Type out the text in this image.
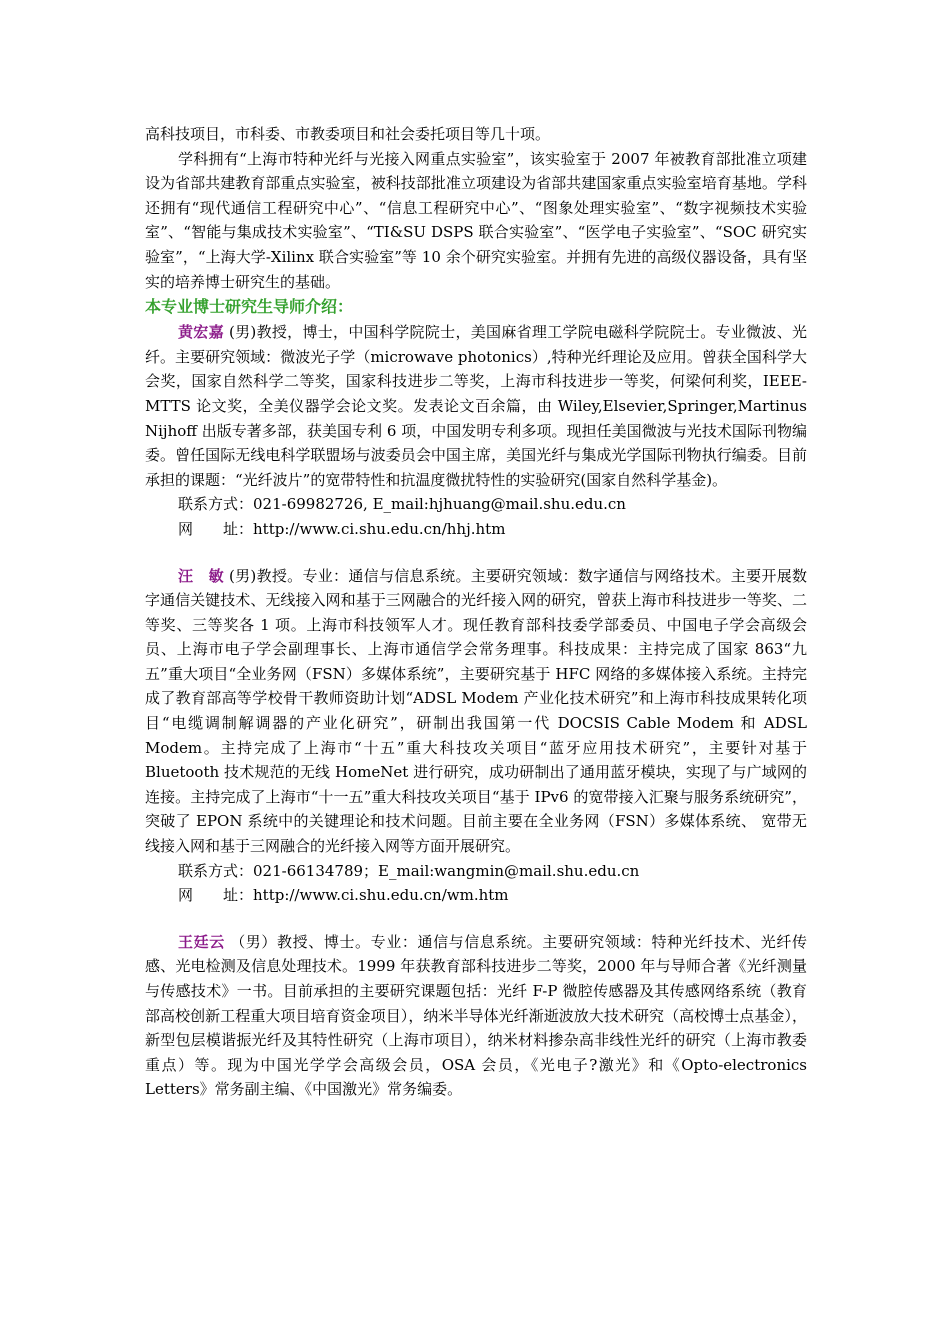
高科技项目，市科委、市教委项目和社会委托项目等几十项。

学科拥有“上海市特种光纤与光接入网重点实验室”，该实验室于 2007 年被教育部批准立项建设为省部共建教育部重点实验室，被科技部批准立项建设为省部共建国家重点实验室培育基地。学科还拥有“现代通信工程研究中心”、“信息工程研究中心”、“图象处理实验室”、“数字视频技术实验室”、“智能与集成技术实验室”、“TI&SU DSPS 联合实验室”、“医学电子实验室”、“SOC 研究实验室”，“上海大学-Xilinx 联合实验室”等 10 余个研究实验室。并拥有先进的高级仪器设备，具有坚实的培养博士研究生的基础。

本专业博士研究生导师介绍：

黄宏嘉 (男)教授，博士，中国科学院院士，美国麻省理工学院电磁科学院院士。专业微波、光纤。主要研究领域：微波光子学（microwave photonics）,特种光纤理论及应用。曾获全国科学大会奖，国家自然科学二等奖，国家科技进步二等奖，上海市科技进步一等奖，何梁何利奖，IEEE-MTTS 论文奖，全美仪器学会论文奖。发表论文百余篇，由 Wiley,Elsevier,Springer,Martinus Nijhoff 出版专著多部，获美国专利 6 项，中国发明专利多项。现担任美国微波与光技术国际刊物编委。曾任国际无线电科学联盟场与波委员会中国主席，美国光纤与集成光学国际刊物执行编委。目前承担的课题：“光纤波片”的宽带特性和抗温度微扰特性的实验研究(国家自然科学基金)。

联系方式：021-69982726, E_mail:hjhuang@mail.shu.edu.cn

网　　址：http://www.ci.shu.edu.cn/hhj.htm

汪　敏 (男)教授。专业：通信与信息系统。主要研究领域：数字通信与网络技术。主要开展数字通信关键技术、无线接入网和基于三网融合的光纤接入网的研究，曾获上海市科技进步一等奖、二等奖、三等奖各 1 项。上海市科技领军人才。现任教育部科技委学部委员、中国电子学会高级会员、上海市电子学会副理事长、上海市通信学会常务理事。科技成果：主持完成了国家 863“九五”重大项目“全业务网（FSN）多媒体系统”，主要研究基于 HFC 网络的多媒体接入系统。主持完成了教育部高等学校骨干教师资助计划“ADSL Modem 产业化技术研究”和上海市科技成果转化项目“电缆调制解调器的产业化研究”，研制出我国第一代 DOCSIS Cable Modem 和 ADSL Modem。主持完成了上海市“十五”重大科技攻关项目“蓝牙应用技术研究”，主要针对基于 Bluetooth 技术规范的无线 HomeNet 进行研究，成功研制出了通用蓝牙模块，实现了与广域网的连接。主持完成了上海市“十一五”重大科技攻关项目“基于 IPv6 的宽带接入汇聚与服务系统研究”， 突破了 EPON 系统中的关键理论和技术问题。目前主要在全业务网（FSN）多媒体系统、 宽带无线接入网和基于三网融合的光纤接入网等方面开展研究。

联系方式：021-66134789；E_mail:wangmin@mail.shu.edu.cn

网　　址：http://www.ci.shu.edu.cn/wm.htm

王廷云 （男）教授、博士。专业：通信与信息系统。主要研究领域：特种光纤技术、光纤传感、光电检测及信息处理技术。1999 年获教育部科技进步二等奖，2000 年与导师合著《光纤测量与传感技术》一书。目前承担的主要研究课题包括：光纤 F-P 微腔传感器及其传感网络系统（教育部高校创新工程重大项目培育资金项目），纳米半导体光纤渐逝波放大技术研究（高校博士点基金），新型包层模谐振光纤及其特性研究（上海市项目），纳米材料掺杂高非线性光纤的研究（上海市教委重点）等。现为中国光学学会高级会员，OSA 会员，《光电子?激光》和《Opto-electronics Letters》常务副主编、《中国激光》常务编委。
